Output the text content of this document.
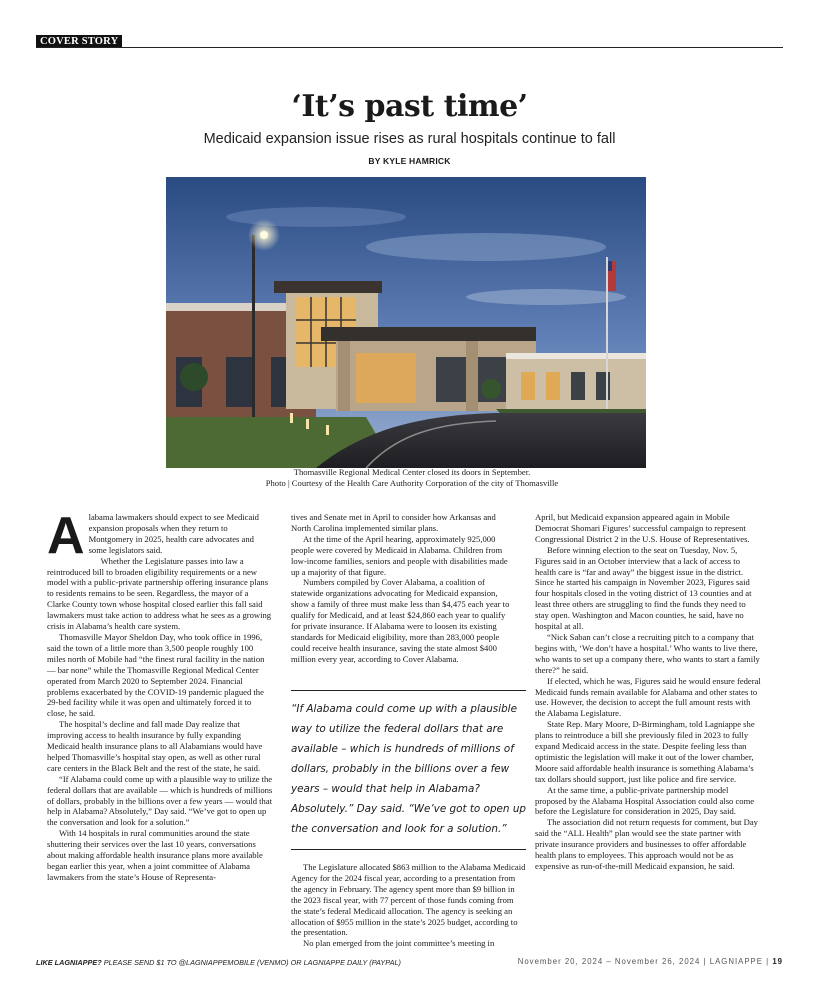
COVER STORY
‘It’s past time’
Medicaid expansion issue rises as rural hospitals continue to fall
BY KYLE HAMRICK
Thomasville Regional Medical Center closed its doors in September.
Photo | Courtesy of the Health Care Authority Corporation of the city of Thomasville

Alabama lawmakers should expect to see Medicaid expansion proposals when they return to Montgomery in 2025, health care advocates and some legislators said.

Whether the Legislature passes into law a reintroduced bill to broaden eligibility requirements or a new model with a public-private partnership offering insurance plans to residents remains to be seen. Regardless, the mayor of a Clarke County town whose hospital closed earlier this fall said lawmakers must take action to address what he sees as a growing crisis in Alabama’s health care system.

Thomasville Mayor Sheldon Day, who took office in 1996, said the town of a little more than 3,500 people roughly 100 miles north of Mobile had “the finest rural facility in the nation — bar none” while the Thomasville Regional Medical Center operated from March 2020 to September 2024. Financial problems exacerbated by the COVID-19 pandemic plagued the 29-bed facility while it was open and ultimately forced it to close, he said.

The hospital’s decline and fall made Day realize that improving access to health insurance by fully expanding Medicaid health insurance plans to all Alabamians would have helped Thomasville’s hospital stay open, as well as other rural care centers in the Black Belt and the rest of the state, he said.

“If Alabama could come up with a plausible way to utilize the federal dollars that are available — which is hundreds of millions of dollars, probably in the billions over a few years — would that help in Alabama? Absolutely,” Day said. “We’ve got to open up the conversation and look for a solution.”

With 14 hospitals in rural communities around the state shuttering their services over the last 10 years, conversations about making affordable health insurance plans more available began earlier this year, when a joint committee of Alabama lawmakers from the state’s House of Representa-

tives and Senate met in April to consider how Arkansas and North Carolina implemented similar plans.

At the time of the April hearing, approximately 925,000 people were covered by Medicaid in Alabama. Children from low-income families, seniors and people with disabilities made up a majority of that figure.

Numbers compiled by Cover Alabama, a coalition of statewide organizations advocating for Medicaid expansion, show a family of three must make less than $4,475 each year to qualify for Medicaid, and at least $24,860 each year to qualify for private insurance. If Alabama were to loosen its existing standards for Medicaid eligibility, more than 283,000 people could receive health insurance, saving the state almost $400 million every year, according to Cover Alabama.

“If Alabama could come up with a plausible way to utilize the federal dollars that are available – which is hundreds of millions of dollars, probably in the billions over a few years – would that help in Alabama? Absolutely.” Day said. “We’ve got to open up the conversation and look for a solution.”

The Legislature allocated $863 million to the Alabama Medicaid Agency for the 2024 fiscal year, according to a presentation from the agency in February. The agency spent more than $9 billion in the 2023 fiscal year, with 77 percent of those funds coming from the state’s federal Medicaid allocation. The agency is seeking an allocation of $955 million in the state’s 2025 budget, according to the presentation.

No plan emerged from the joint committee’s meeting in

April, but Medicaid expansion appeared again in Mobile Democrat Shomari Figures’ successful campaign to represent Congressional District 2 in the U.S. House of Representatives.

Before winning election to the seat on Tuesday, Nov. 5, Figures said in an October interview that a lack of access to health care is “far and away” the biggest issue in the district. Since he started his campaign in November 2023, Figures said four hospitals closed in the voting district of 13 counties and at least three others are struggling to find the funds they need to stay open. Washington and Macon counties, he said, have no hospital at all.

“Nick Saban can’t close a recruiting pitch to a company that begins with, ‘We don’t have a hospital.’ Who wants to live there, who wants to set up a company there, who wants to start a family there?” he said.

If elected, which he was, Figures said he would ensure federal Medicaid funds remain available for Alabama and other states to use. However, the decision to accept the full amount rests with the Alabama Legislature.

State Rep. Mary Moore, D-Birmingham, told Lagniappe she plans to reintroduce a bill she previously filed in 2023 to fully expand Medicaid access in the state. Despite feeling less than optimistic the legislation will make it out of the lower chamber, Moore said affordable health insurance is something Alabama’s tax dollars should support, just like police and fire service.

At the same time, a public-private partnership model proposed by the Alabama Hospital Association could also come before the Legislature for consideration in 2025, Day said.

The association did not return requests for comment, but Day said the “ALL Health” plan would see the state partner with private insurance providers and businesses to offer affordable health plans to employees. This approach would not be as expensive as run-of-the-mill Medicaid expansion, he said.

LIKE LAGNIAPPE? PLEASE SEND $1 TO @LAGNIAPPEMOBILE (VENMO) OR LAGNIAPPE DAILY (PAYPAL)	November 20, 2024 – November 26, 2024 | LAGNIAPPE | 19
